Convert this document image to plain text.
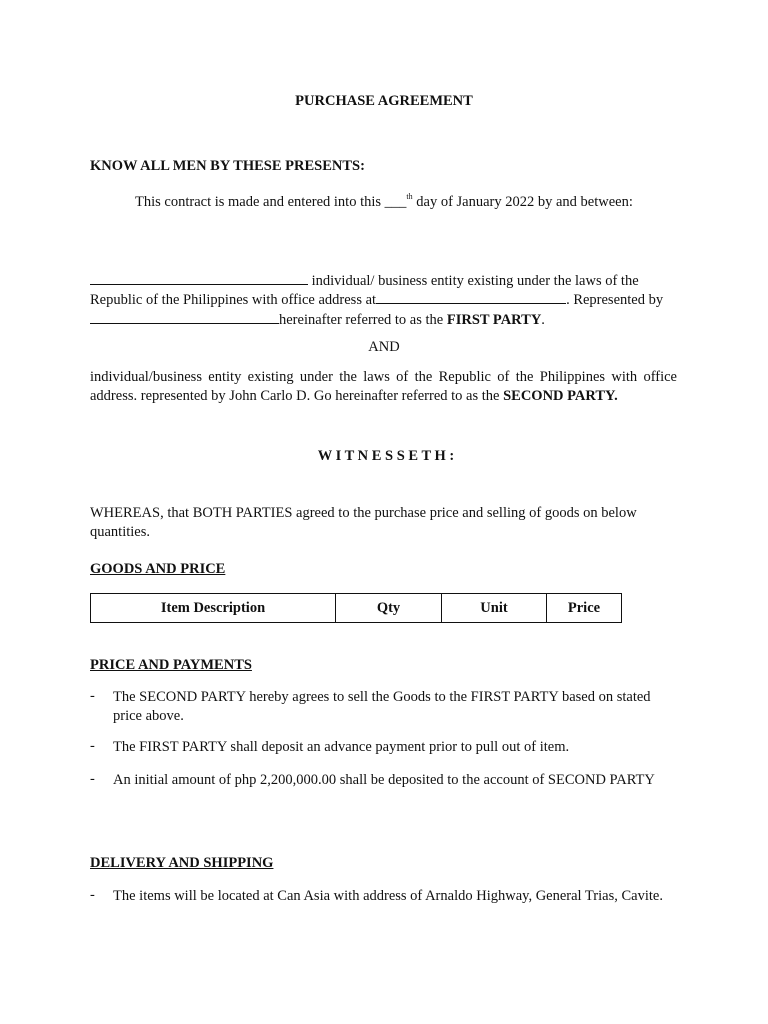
PURCHASE AGREEMENT

KNOW ALL MEN BY THESE PRESENTS:

This contract is made and entered into this ___$^{th}$ day of January 2022 by and between:

individual/ business entity existing under the laws of the

Republic of the Philippines with office address at	. Represented by

hereinafter referred to as the FIRST PARTY.

AND

individual/business entity existing under the laws of the Republic of the Philippines with office address. represented by John Carlo D. Go hereinafter referred to as the SECOND PARTY.

W I T N E S S E T H :

WHEREAS, that BOTH PARTIES agreed to the purchase price and selling of goods on below quantities.

GOODS AND PRICE

Item Description	Qty	Unit	Price

PRICE AND PAYMENTS

- The SECOND PARTY hereby agrees to sell the Goods to the FIRST PARTY based on stated price above.

- The FIRST PARTY shall deposit an advance payment prior to pull out of item.

- An initial amount of php 2,200,000.00 shall be deposited to the account of SECOND PARTY

DELIVERY AND SHIPPING

- The items will be located at Can Asia with address of Arnaldo Highway, General Trias, Cavite.
